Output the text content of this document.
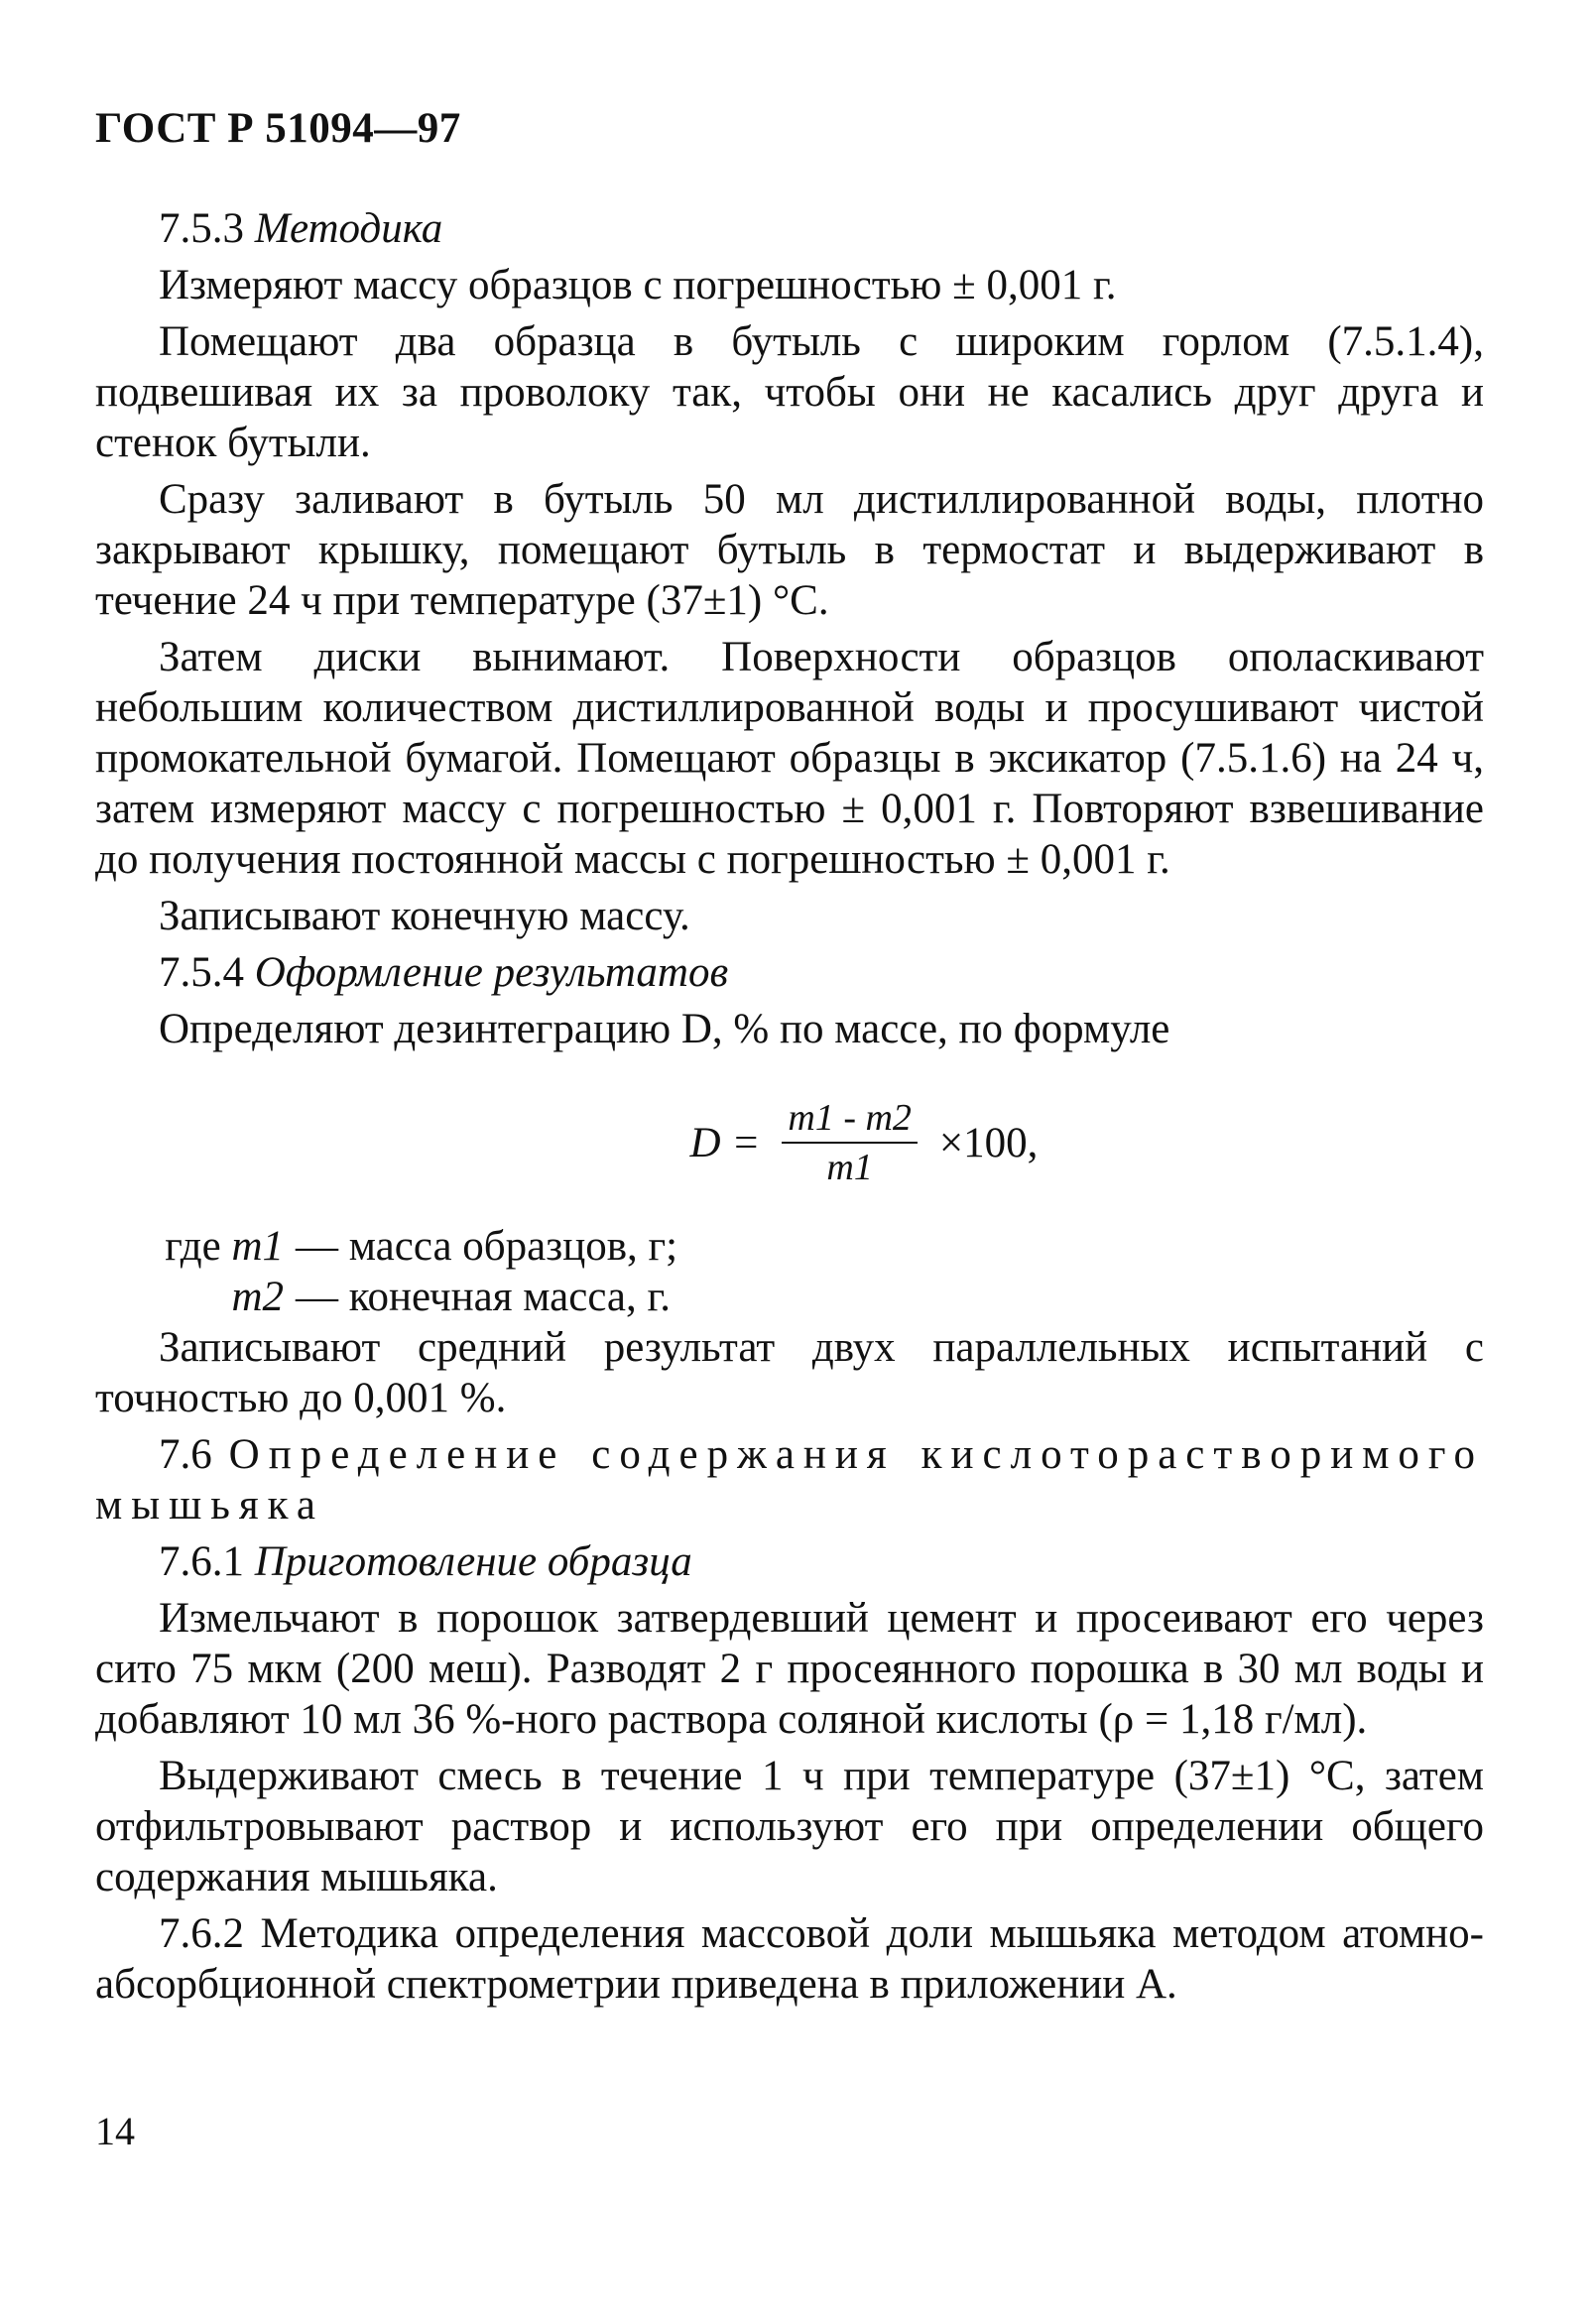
ГОСТ Р 51094—97

7.5.3 Методика

Измеряют массу образцов с погрешностью ± 0,001 г.

Помещают два образца в бутыль с широким горлом (7.5.1.4), подвешивая их за проволоку так, чтобы они не касались друг друга и стенок бутыли.

Сразу заливают в бутыль 50 мл дистиллированной воды, плотно закрывают крышку, помещают бутыль в термостат и выдерживают в течение 24 ч при температуре (37±1) °С.

Затем диски вынимают. Поверхности образцов ополаскивают небольшим количеством дистиллированной воды и просушивают чистой промокательной бумагой. Помещают образцы в эксикатор (7.5.1.6) на 24 ч, затем измеряют массу с погрешностью ± 0,001 г. Повторяют взвешивание до получения постоянной массы с погрешностью ± 0,001 г.

Записывают конечную массу.

7.5.4 Оформление результатов

Определяют дезинтеграцию D, % по массе, по формуле

$D = \frac{m1 - m2}{m1} \times 100$,
где m1 — масса образцов, г;
m2 — конечная масса, г.

Записывают средний результат двух параллельных испытаний с точностью до 0,001 %.

7.6 Определение содержания кислоторастворимого мышьяка

7.6.1 Приготовление образца

Измельчают в порошок затвердевший цемент и просеивают его через сито 75 мкм (200 меш). Разводят 2 г просеянного порошка в 30 мл воды и добавляют 10 мл 36 %-ного раствора соляной кислоты (ρ = 1,18 г/мл).

Выдерживают смесь в течение 1 ч при температуре (37±1) °С, затем отфильтровывают раствор и используют его при определении общего содержания мышьяка.

7.6.2 Методика определения массовой доли мышьяка методом атомно-абсорбционной спектрометрии приведена в приложении А.

14
